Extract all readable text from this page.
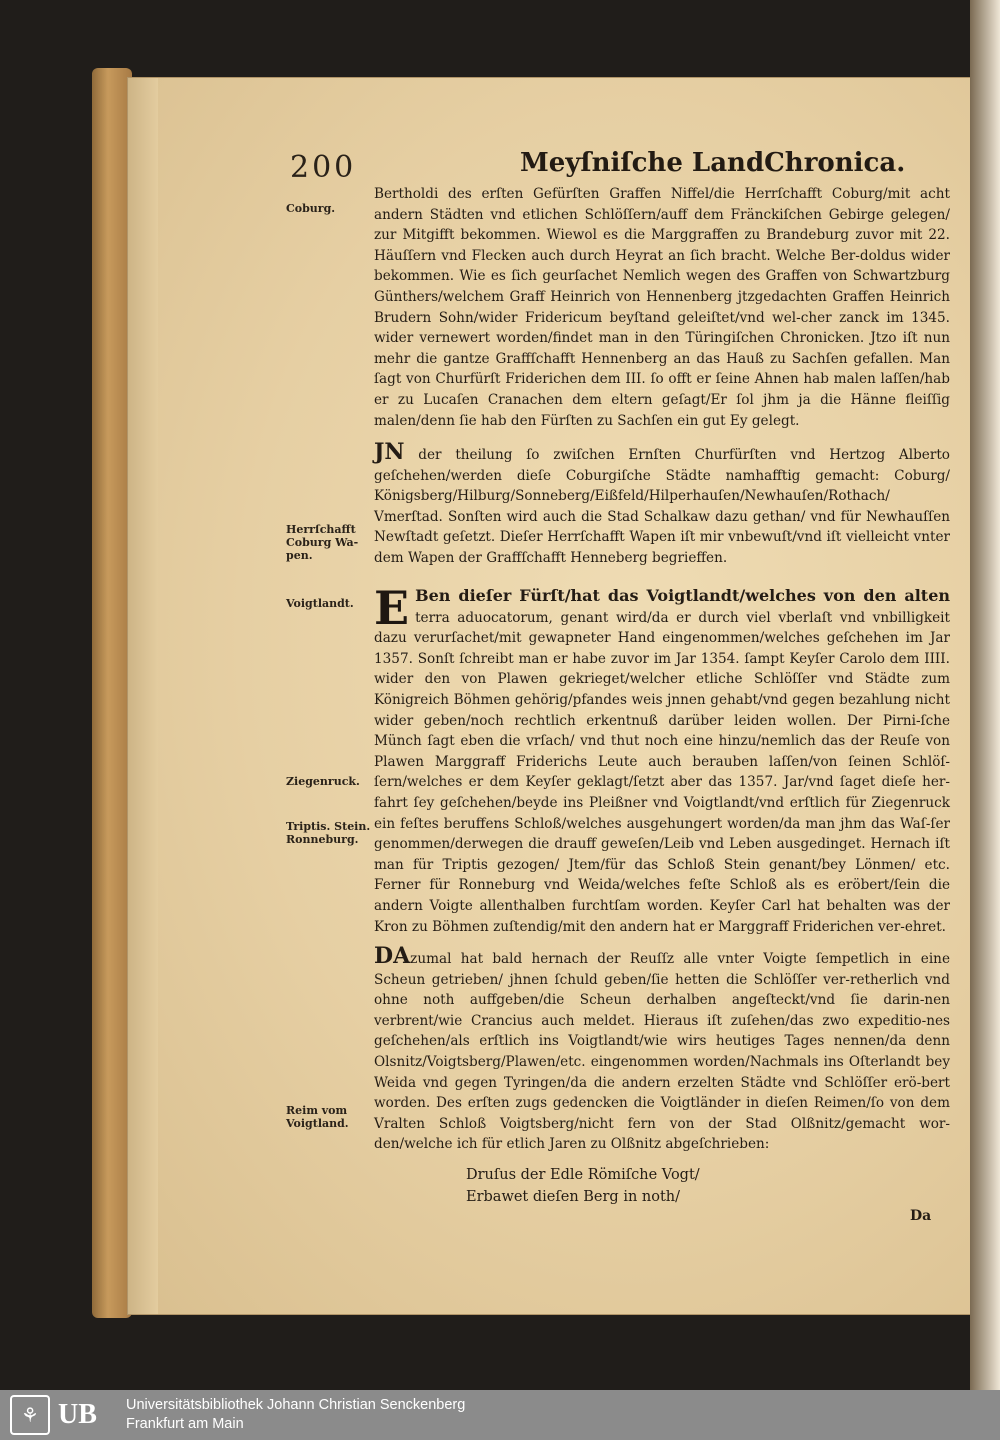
200	Meyſniſche LandChronica.
Coburg.
Herrſchafft Coburg Wa-pen.
Voigtlandt.
Ziegenruck.
Triptis. Stein. Ronneburg.
Reim vom Voigtland.

Bertholdi des erſten Gefürſten Graffen Niffel/die Herrſchafft Coburg/mit acht andern Städten vnd etlichen Schlöſſern/auff dem Fränckiſchen Gebirge gelegen/ zur Mitgifft bekommen. Wiewol es die Marggraffen zu Brandeburg zuvor mit 22. Häuſſern vnd Flecken auch durch Heyrat an ſich bracht. Welche Ber-doldus wider bekommen. Wie es ſich geurſachet Nemlich wegen des Graffen von Schwartzburg Günthers/welchem Graff Heinrich von Hennenberg jtzgedachten Graffen Heinrich Brudern Sohn/wider Fridericum beyſtand geleiſtet/vnd wel-cher zanck im 1345. wider vernewert worden/findet man in den Türingiſchen Chronicken. Jtzo iſt nun mehr die gantze Graffſchafft Hennenberg an das Hauß zu Sachſen gefallen. Man ſagt von Churfürſt Friderichen dem III. ſo offt er ſeine Ahnen hab malen laſſen/hab er zu Lucaſen Cranachen dem eltern geſagt/Er ſol jhm ja die Hänne fleiſſig malen/denn ſie hab den Fürſten zu Sachſen ein gut Ey gelegt.

JN der theilung ſo zwiſchen Ernſten Churfürſten vnd Hertzog Alberto geſchehen/werden dieſe Coburgiſche Städte namhafftig gemacht: Coburg/ Königsberg/Hilburg/Sonneberg/Eißfeld/Hilperhauſen/Newhauſen/Rothach/ Vmerſtad. Sonſten wird auch die Stad Schalkaw dazu gethan/ vnd für Newhauſſen Newſtadt geſetzt. Dieſer Herrſchafft Wapen iſt mir vnbewuſt/vnd iſt vielleicht vnter dem Wapen der Graffſchafft Henneberg begrieffen.

E Ben dieſer Fürſt/hat das Voigtlandt/welches von den alten terra aduocatorum, genant wird/da er durch viel vberlaſt vnd vnbilligkeit dazu verurſachet/mit gewapneter Hand eingenommen/welches geſchehen im Jar 1357. Sonſt ſchreibt man er habe zuvor im Jar 1354. ſampt Keyſer Carolo dem IIII. wider den von Plawen gekrieget/welcher etliche Schlöſſer vnd Städte zum Königreich Böhmen gehörig/pfandes weis jnnen gehabt/vnd gegen bezahlung nicht wider geben/noch rechtlich erkentnuß darüber leiden wollen. Der Pirni-ſche Münch ſagt eben die vrſach/ vnd thut noch eine hinzu/nemlich das der Reuſe von Plawen Marggraff Friderichs Leute auch berauben laſſen/von ſeinen Schlöſ-ſern/welches er dem Keyſer geklagt/ſetzt aber das 1357. Jar/vnd ſaget dieſe her-fahrt ſey geſchehen/beyde ins Pleißner vnd Voigtlandt/vnd erſtlich für Ziegenruck ein feſtes beruffens Schloß/welches ausgehungert worden/da man jhm das Waſ-ſer genommen/derwegen die drauff geweſen/Leib vnd Leben ausgedinget. Hernach iſt man für Triptis gezogen/ Jtem/für das Schloß Stein genant/bey Lönmen/ etc. Ferner für Ronneburg vnd Weida/welches feſte Schloß als es eröbert/ſein die andern Voigte allenthalben furchtſam worden. Keyſer Carl hat behalten was der Kron zu Böhmen zuſtendig/mit den andern hat er Marggraff Friderichen ver-ehret.

DAzumal hat bald hernach der Reuſſz alle vnter Voigte ſempetlich in eine Scheun getrieben/ jhnen ſchuld geben/ſie hetten die Schlöſſer ver-retherlich vnd ohne noth auffgeben/die Scheun derhalben angeſteckt/vnd ſie darin-nen verbrent/wie Crancius auch meldet. Hieraus iſt zuſehen/das zwo expeditio-nes geſchehen/als erſtlich ins Voigtlandt/wie wirs heutiges Tages nennen/da denn Olsnitz/Voigtsberg/Plawen/etc. eingenommen worden/Nachmals ins Oſterlandt bey Weida vnd gegen Tyringen/da die andern erzelten Städte vnd Schlöſſer erö-bert worden. Des erſten zugs gedencken die Voigtländer in dieſen Reimen/ſo von dem Vralten Schloß Voigtsberg/nicht fern von der Stad Olßnitz/gemacht wor-den/welche ich für etlich Jaren zu Olßnitz abgeſchrieben:

Druſus der Edle Römiſche Vogt/
Erbawet dieſen Berg in noth/
Da
⚘ UB Universitätsbibliothek Johann Christian Senckenberg
Frankfurt am Main
